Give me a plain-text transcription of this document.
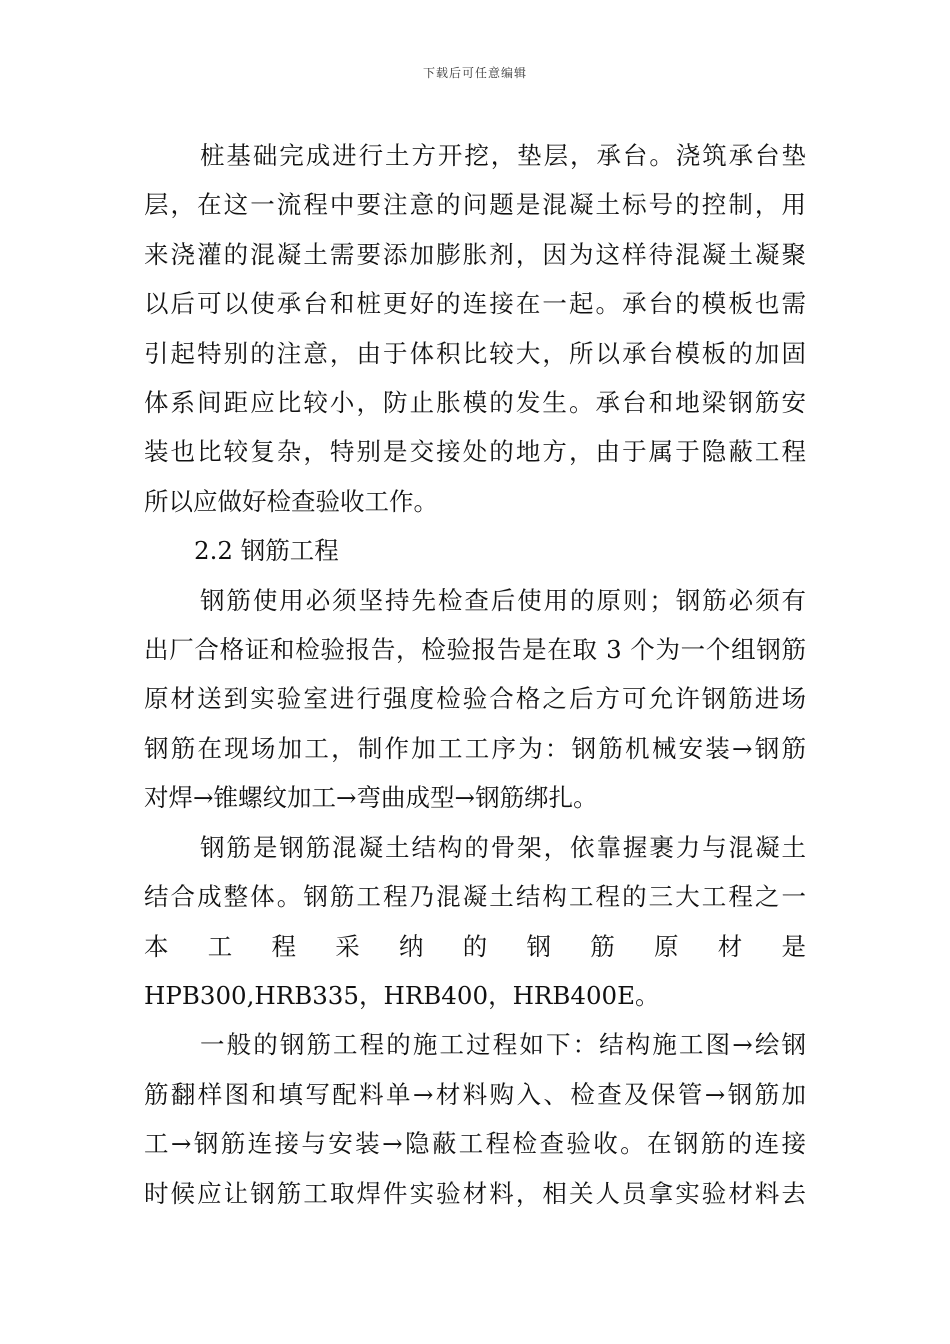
下载后可任意编辑

桩基础完成进行土方开挖，垫层，承台。浇筑承台垫
层，在这一流程中要注意的问题是混凝土标号的控制，用
来浇灌的混凝土需要添加膨胀剂，因为这样待混凝土凝聚
以后可以使承台和桩更好的连接在一起。承台的模板也需
引起特别的注意，由于体积比较大，所以承台模板的加固
体系间距应比较小，防止胀模的发生。承台和地梁钢筋安
装也比较复杂，特别是交接处的地方，由于属于隐蔽工程
所以应做好检查验收工作。

2.2 钢筋工程

钢筋使用必须坚持先检查后使用的原则；钢筋必须有
出厂合格证和检验报告，检验报告是在取 3 个为一个组钢筋
原材送到实验室进行强度检验合格之后方可允许钢筋进场
钢筋在现场加工，制作加工工序为：钢筋机械安装→钢筋
对焊→锥螺纹加工→弯曲成型→钢筋绑扎。

钢筋是钢筋混凝土结构的骨架，依靠握裹力与混凝土
结合成整体。钢筋工程乃混凝土结构工程的三大工程之一
本 工 程 采 纳 的 钢 筋 原 材 是
HPB300,HRB335，HRB400，HRB400E。

一般的钢筋工程的施工过程如下：结构施工图→绘钢
筋翻样图和填写配料单→材料购入、检查及保管→钢筋加
工→钢筋连接与安装→隐蔽工程检查验收。在钢筋的连接
时候应让钢筋工取焊件实验材料，相关人员拿实验材料去
